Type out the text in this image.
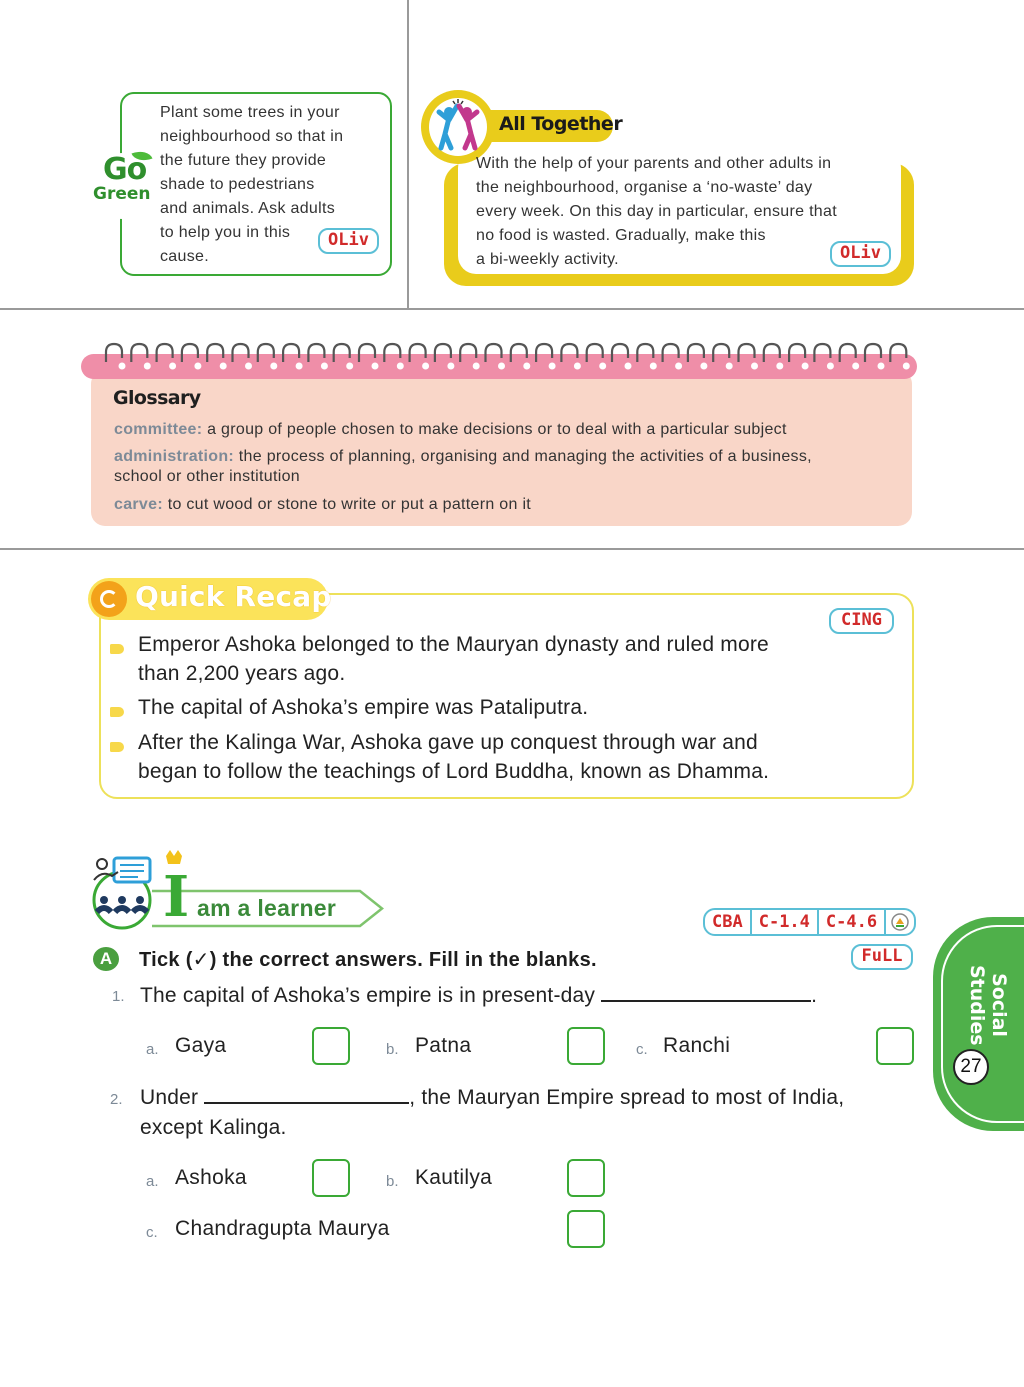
Go
Green
Plant some trees in your
neighbourhood so that in
the future they provide
shade to pedestrians
and animals. Ask adults
to help you in this
cause.
OLiv
All Together
With the help of your parents and other adults in
the neighbourhood, organise a ‘no-waste’ day
every week. On this day in particular, ensure that
no food is wasted. Gradually, make this
a bi-weekly activity.	OLiv
Glossary
committee: a group of people chosen to make decisions or to deal with a particular subject
administration: the process of planning, organising and managing the activities of a business,
school or other institution
carve: to cut wood or stone to write or put a pattern on it
Quick Recap
CING
Emperor Ashoka belonged to the Mauryan dynasty and ruled more
than 2,200 years ago.
The capital of Ashoka’s empire was Pataliputra.
After the Kalinga War, Ashoka gave up conquest through war and
began to follow the teachings of Lord Buddha, known as Dhamma.
I am a learner
CBA C-1.4 C-4.6
FuLL
A	Tick (✓) the correct answers. Fill in the blanks.
1. The capital of Ashoka’s empire is in present-day	.
a. Gaya	b. Patna	c. Ranchi
2. Under	, the Mauryan Empire spread to most of India,
except Kalinga.
a. Ashoka	b. Kautilya
c. Chandragupta Maurya
Social
Studies
27
